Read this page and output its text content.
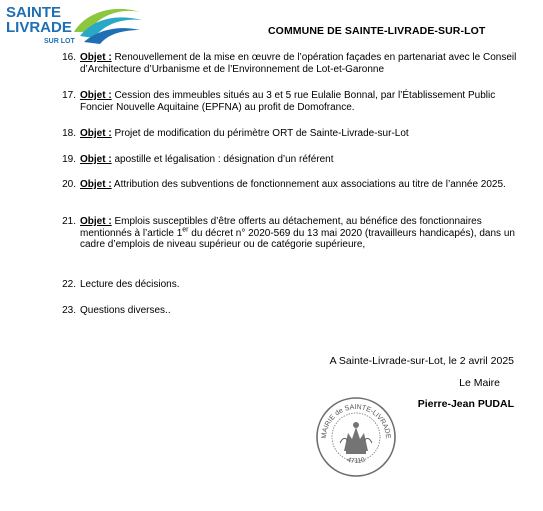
SAINTE
LIVRADE
SUR LOT
COMMUNE DE SAINTE-LIVRADE-SUR-LOT
16. Objet : Renouvellement de la mise en œuvre de l’opération façades en partenariat avec le Conseil d’Architecture d’Urbanisme et de l’Environnement de Lot-et-Garonne
17. Objet : Cession des immeubles situés au 3 et 5 rue Eulalie Bonnal, par l’Établissement Public Foncier Nouvelle Aquitaine (EPFNA) au profit de Domofrance.
18. Objet : Projet de modification du périmètre ORT de Sainte-Livrade-sur-Lot
19. Objet : apostille et légalisation : désignation d’un référent
20. Objet : Attribution des subventions de fonctionnement aux associations au titre de l’année 2025.
21. Objet : Emplois susceptibles d’être offerts au détachement, au bénéfice des fonctionnaires mentionnés à l’article 1er du décret n° 2020-569 du 13 mai 2020 (travailleurs handicapés), dans un cadre d’emplois de niveau supérieur ou de catégorie supérieure,
22. Lecture des décisions.
23. Questions diverses..
A Sainte-Livrade-sur-Lot, le 2 avril 2025
Le Maire
Pierre-Jean PUDAL
MAIRIE de SAINTE-LIVRADE
47110
